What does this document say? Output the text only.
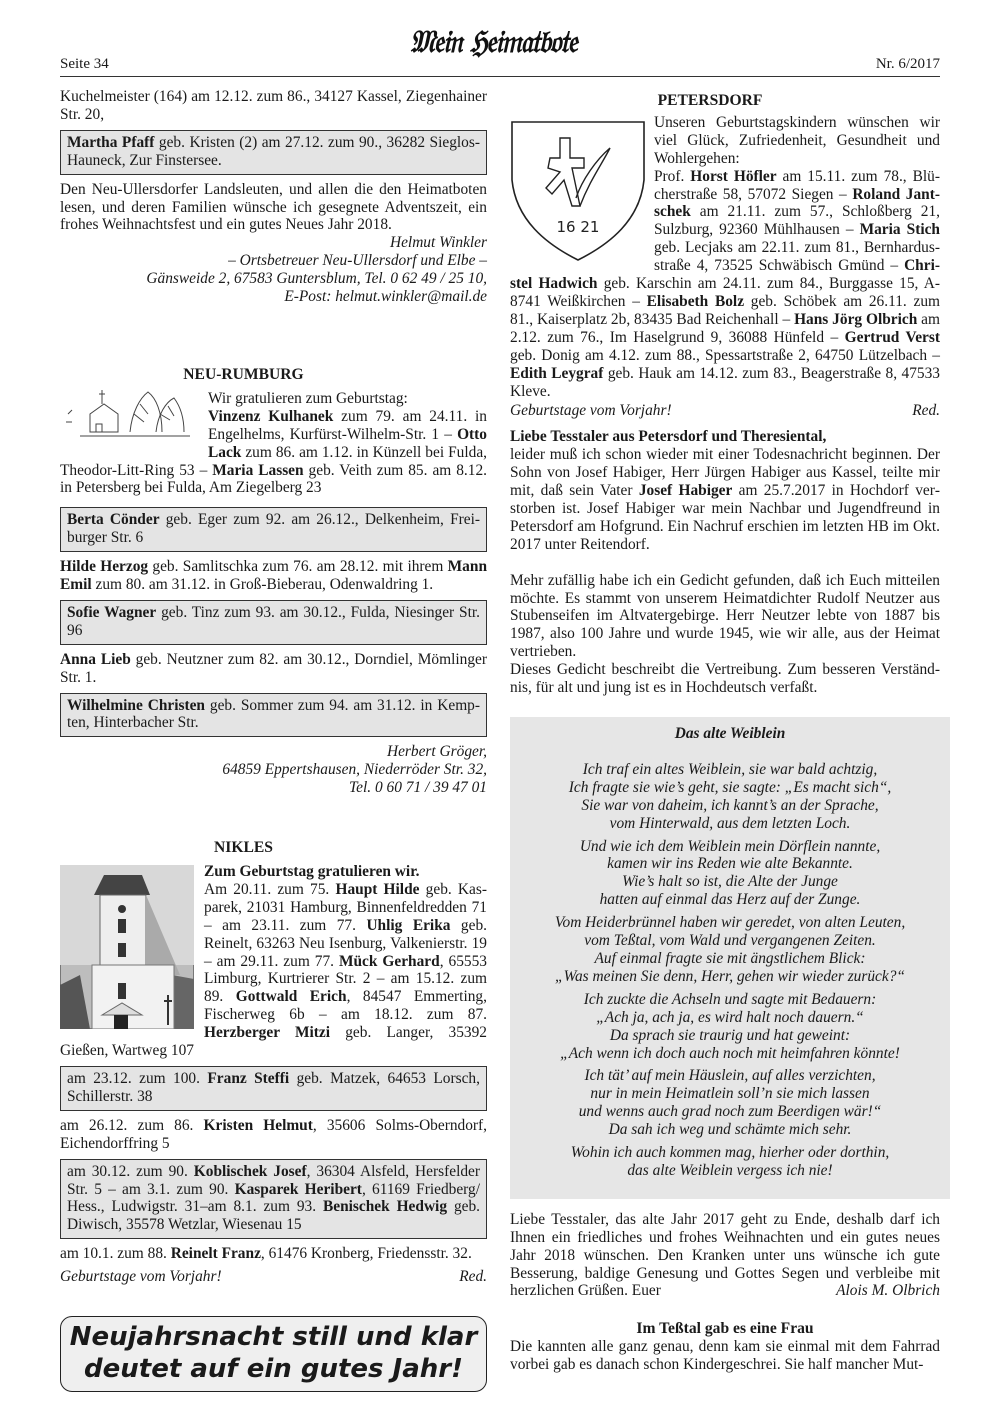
Seite 34
𝔐𝔢𝔦𝔫 ℌ𝔢𝔦𝔪𝔞𝔱𝔟𝔬𝔱𝔢
Nr. 6/2017

Kuchelmeister (164) am 12.12. zum 86., 34127 Kassel, Ziegenhainer Str. 20,

Martha Pfaff geb. Kristen (2) am 27.12. zum 90., 36282 Sieglos-Hauneck, Zur Finstersee.

Den Neu-Ullersdorfer Landsleuten, und allen die den Heimatboten lesen, und deren Familien wünsche ich gesegnete Adventszeit, ein frohes Weihnachtsfest und ein gutes Neues Jahr 2018.

Helmut Winkler
– Ortsbetreuer Neu-Ullersdorf und Elbe –
Gänsweide 2, 67583 Guntersblum, Tel. 0 62 49 / 25 10,
E-Post: helmut.winkler@mail.de
NEU-RUMBURG

Wir gratulieren zum Geburtstag:
Vinzenz Kulhanek zum 79. am 24.11. in Engelhelms, Kurfürst-Wilhelm-Str. 1 – Otto Lack zum 86. am 1.12. in Künzell bei Fulda, Theodor-Litt-Ring 53 – Maria Lassen geb. Veith zum 85. am 8.12. in Petersberg bei Fulda, Am Ziegelberg 23

Berta Cönder geb. Eger zum 92. am 26.12., Delkenheim, Freiburger Str. 6

Hilde Herzog geb. Samlitschka zum 76. am 28.12. mit ihrem Mann Emil zum 80. am 31.12. in Groß-Bieberau, Odenwaldring 1.

Sofie Wagner geb. Tinz zum 93. am 30.12., Fulda, Niesinger Str. 96

Anna Lieb geb. Neutzner zum 82. am 30.12., Dorndiel, Mömlinger Str. 1.

Wilhelmine Christen geb. Sommer zum 94. am 31.12. in Kempten, Hinterbacher Str.

Herbert Gröger,
64859 Eppertshausen, Niederröder Str. 32,
Tel. 0 60 71 / 39 47 01
NIKLES

Zum Geburtstag gratulieren wir.
Am 20.11. zum 75. Haupt Hilde geb. Kasparek, 21031 Hamburg, Binnenfeldredden 71 – am 23.11. zum 77. Uhlig Erika geb. Reinelt, 63263 Neu Isenburg, Valkenierstr. 19 – am 29.11. zum 77. Mück Gerhard, 65553 Limburg, Kurtrierer Str. 2 – am 15.12. zum 89. Gottwald Erich, 84547 Emmerting, Fischerweg 6b – am 18.12. zum 87. Herzberger Mitzi geb. Langer, 35392 Gießen, Wartweg 107

am 23.12. zum 100. Franz Steffi geb. Matzek, 64653 Lorsch, Schillerstr. 38

am 26.12. zum 86. Kristen Helmut, 35606 Solms-Oberndorf, Eichendorffring 5

am 30.12. zum 90. Koblischek Josef, 36304 Alsfeld, Hersfelder Str. 5 – am 3.1. zum 90. Kasparek Heribert, 61169 Friedberg/ Hess., Ludwigstr. 31–am 8.1. zum 93. Benischek Hedwig geb. Diwisch, 35578 Wetzlar, Wiesenau 15

am 10.1. zum 88. Reinelt Franz, 61476 Kronberg, Friedensstr. 32.

Geburtstage vom Vorjahr!	Red.
Neujahrsnacht still und klar
deutet auf ein gutes Jahr!
PETERSDORF
16 21

Unseren Geburtstagskindern wünschen wir viel Glück, Zufriedenheit, Gesundheit und Wohlergehen:
Prof. Horst Höfler am 15.11. zum 78., Blücherstraße 58, 57072 Siegen – Roland Jantschek am 21.11. zum 57., Schloßberg 21, Sulzburg, 92360 Mühlhausen – Maria Stich geb. Lecjaks am 22.11. zum 81., Bernhardusstraße 4, 73525 Schwäbisch Gmünd – Christel Hadwich geb. Karschin am 24.11. zum 84., Burggasse 15, A-8741 Weißkirchen – Elisabeth Bolz geb. Schöbek am 26.11. zum 81., Kaiserplatz 2b, 83435 Bad Reichenhall – Hans Jörg Olbrich am 2.12. zum 76., Im Haselgrund 9, 36088 Hünfeld – Gertrud Verst geb. Donig am 4.12. zum 88., Spessartstraße 2, 64750 Lützelbach – Edith Leygraf geb. Hauk am 14.12. zum 83., Beagerstraße 8, 47533 Kleve.

Geburtstage vom Vorjahr!	Red.

Liebe Tesstaler aus Petersdorf und Theresiental,

leider muß ich schon wieder mit einer Todesnachricht beginnen. Der Sohn von Josef Habiger, Herr Jürgen Habiger aus Kassel, teilte mir mit, daß sein Vater Josef Habiger am 25.7.2017 in Hochdorf verstorben ist. Josef Habiger war mein Nachbar und Jugendfreund in Petersdorf am Hofgrund. Ein Nachruf erschien im letzten HB im Okt. 2017 unter Reitendorf.

Mehr zufällig habe ich ein Gedicht gefunden, daß ich Euch mitteilen möchte. Es stammt von unserem Heimatdichter Rudolf Neutzer aus Stubenseifen im Altvatergebirge. Herr Neutzer lebte von 1887 bis 1987, also 100 Jahre und wurde 1945, wie wir alle, aus der Heimat vertrieben.

Dieses Gedicht beschreibt die Vertreibung. Zum besseren Verständnis, für alt und jung ist es in Hochdeutsch verfaßt.

Das alte Weiblein
Ich traf ein altes Weiblein, sie war bald achtzig,
Ich fragte sie wie’s geht, sie sagte: „Es macht sich“,
Sie war von daheim, ich kannt’s an der Sprache,
vom Hinterwald, aus dem letzten Loch.
Und wie ich dem Weiblein mein Dörflein nannte,
kamen wir ins Reden wie alte Bekannte.
Wie’s halt so ist, die Alte der Junge
hatten auf einmal das Herz auf der Zunge.
Vom Heiderbrünnel haben wir geredet, von alten Leuten,
vom Teßtal, vom Wald und vergangenen Zeiten.
Auf einmal fragte sie mit ängstlichem Blick:
„Was meinen Sie denn, Herr, gehen wir wieder zurück?“
Ich zuckte die Achseln und sagte mit Bedauern:
„Ach ja, ach ja, es wird halt noch dauern.“
Da sprach sie traurig und hat geweint:
„Ach wenn ich doch auch noch mit heimfahren könnte!
Ich tät’ auf mein Häuslein, auf alles verzichten,
nur in mein Heimatlein soll’n sie mich lassen
und wenns auch grad noch zum Beerdigen wär!“
Da sah ich weg und schämte mich sehr.
Wohin ich auch kommen mag, hierher oder dorthin,
das alte Weiblein vergess ich nie!

Liebe Tesstaler, das alte Jahr 2017 geht zu Ende, deshalb darf ich Ihnen ein friedliches und frohes Weihnachten und ein gutes neues Jahr 2018 wünschen. Den Kranken unter uns wünsche ich gute Besserung, baldige Genesung und Gottes Segen und verbleibe mit herzlichen Grüßen. Euer	Alois M. Olbrich

Im Teßtal gab es eine Frau

Die kannten alle ganz genau, denn kam sie einmal mit dem Fahrrad vorbei gab es danach schon Kindergeschrei. Sie half mancher Mut-
